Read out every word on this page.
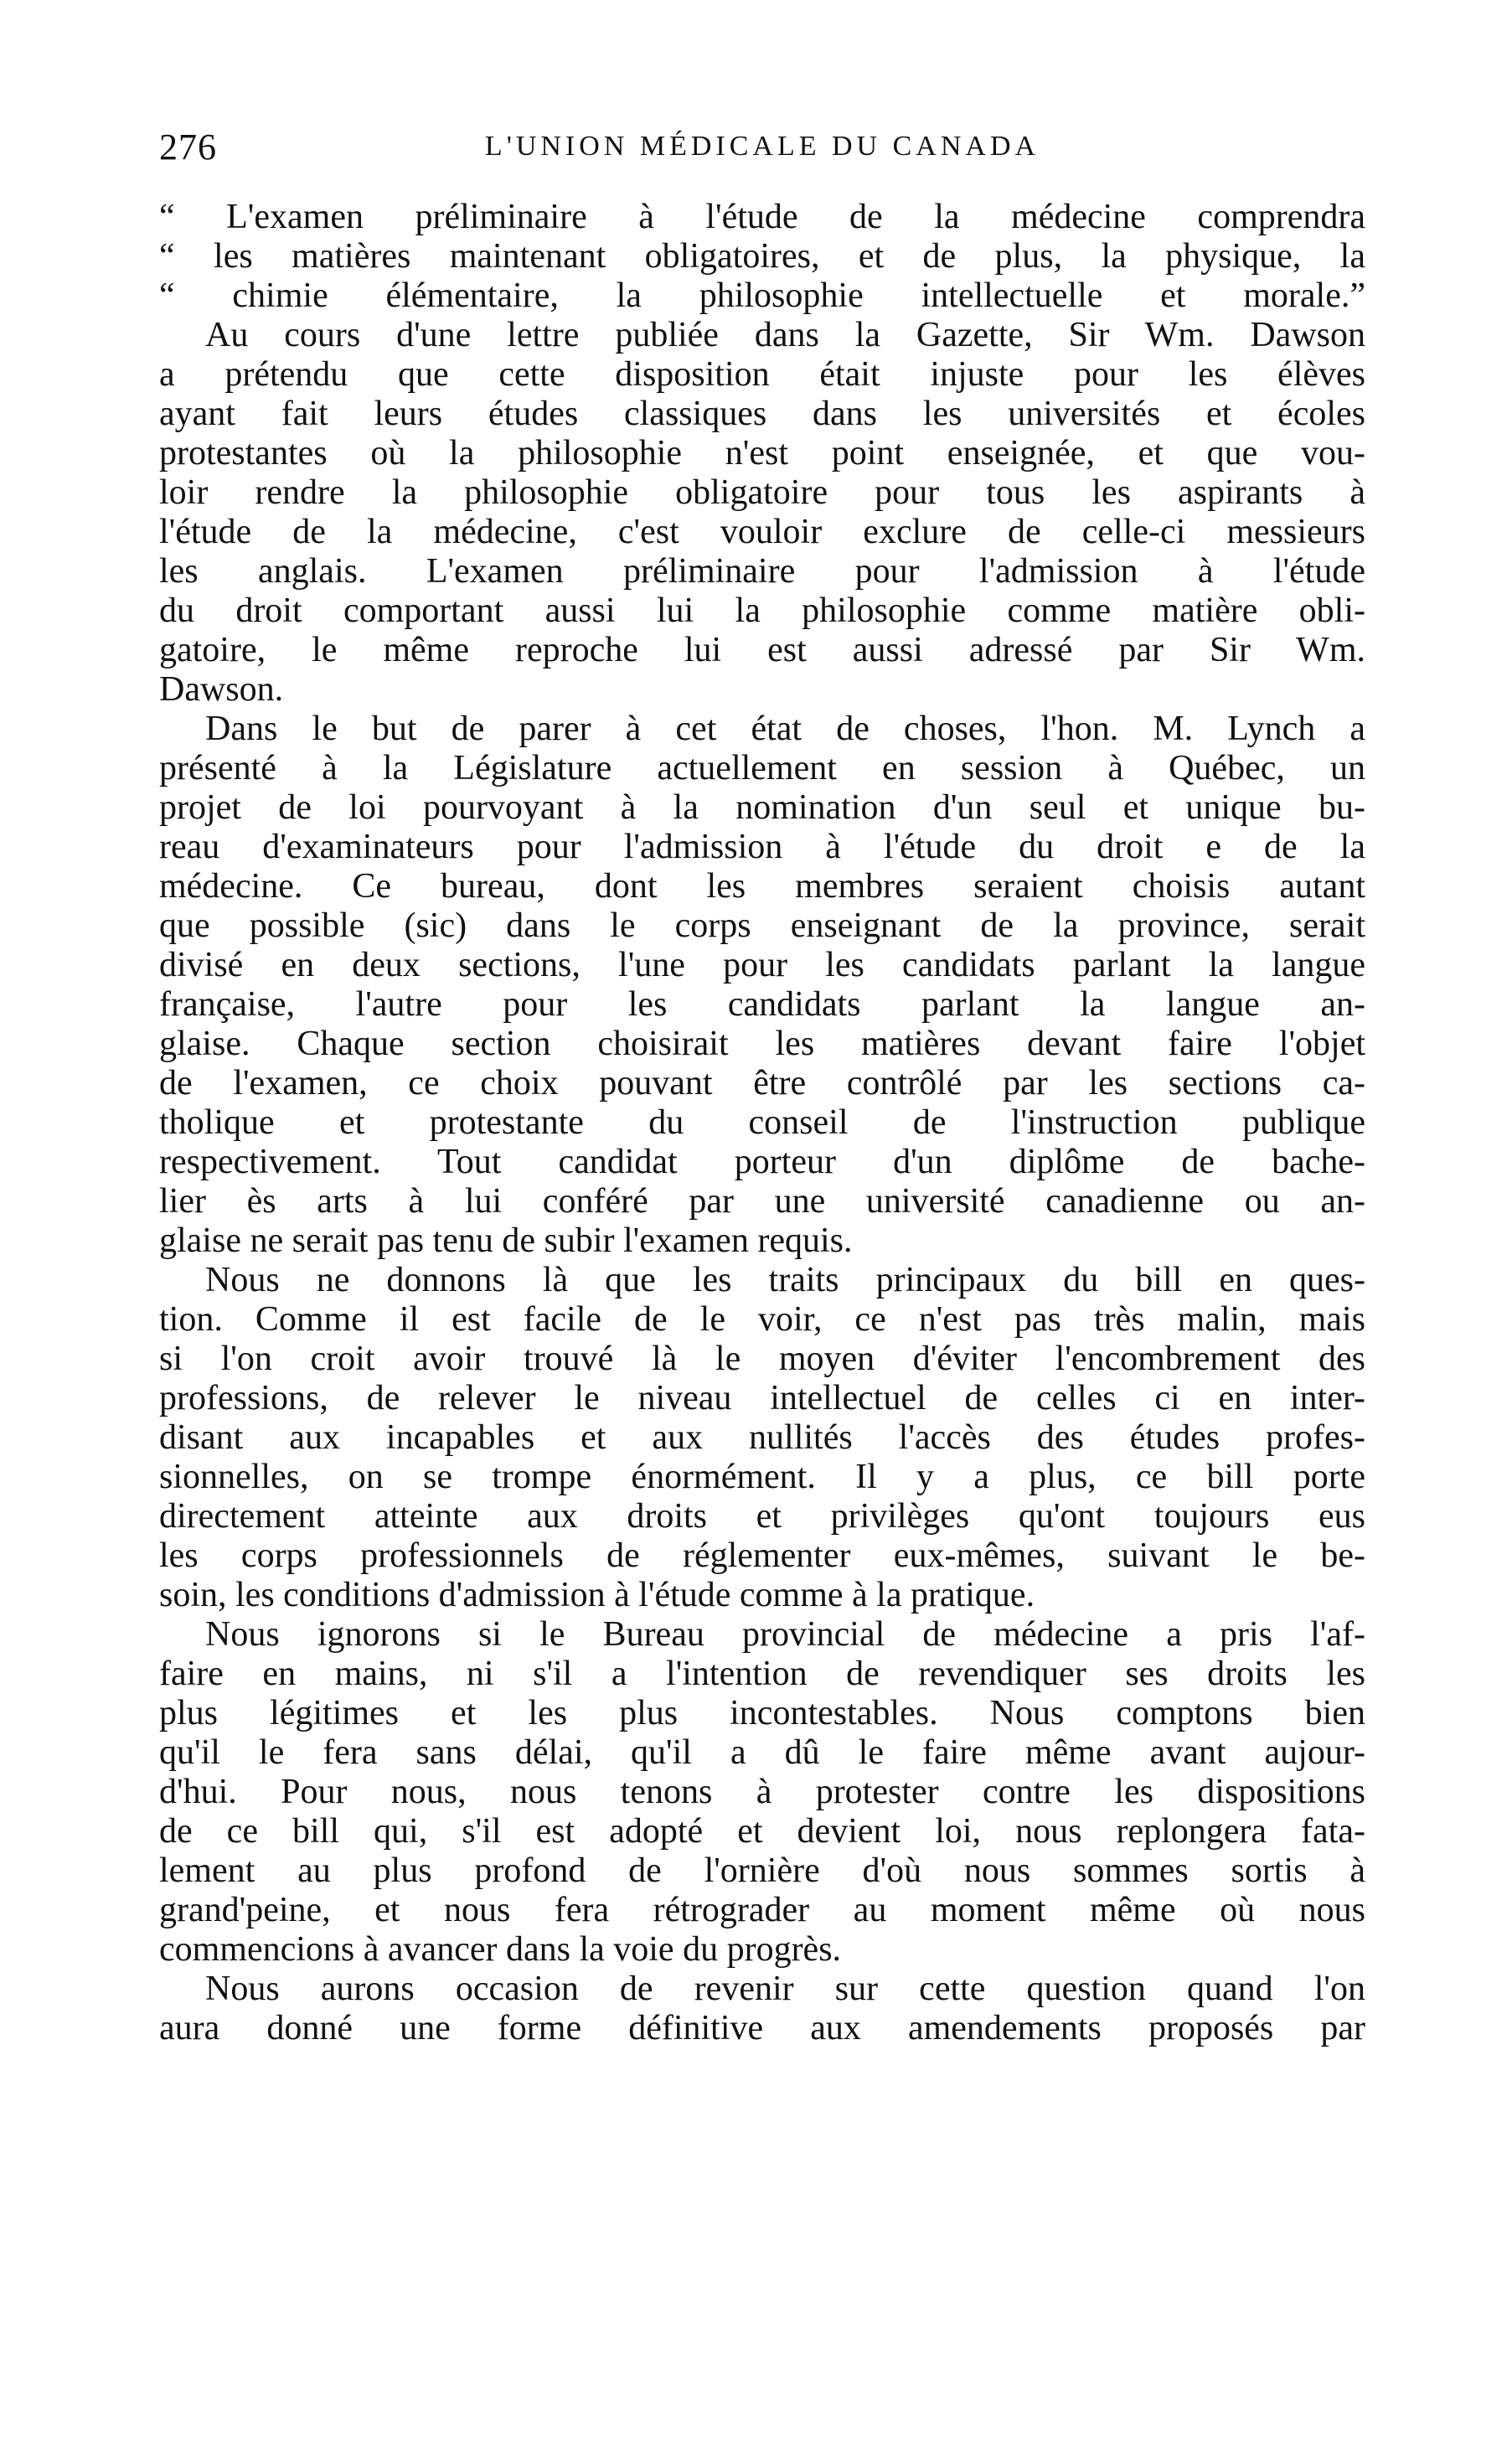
276	L'UNION MÉDICALE DU CANADA
“ L'examen préliminaire à l'étude de la médecine comprendra
“ les matières maintenant obligatoires, et de plus, la physique, la
“ chimie élémentaire, la philosophie intellectuelle et morale.”
Au cours d'une lettre publiée dans la Gazette, Sir Wm. Dawson
a prétendu que cette disposition était injuste pour les élèves
ayant fait leurs études classiques dans les universités et écoles
protestantes où la philosophie n'est point enseignée, et que vou-
loir rendre la philosophie obligatoire pour tous les aspirants à
l'étude de la médecine, c'est vouloir exclure de celle-ci messieurs
les anglais. L'examen préliminaire pour l'admission à l'étude
du droit comportant aussi lui la philosophie comme matière obli-
gatoire, le même reproche lui est aussi adressé par Sir Wm.
Dawson.
Dans le but de parer à cet état de choses, l'hon. M. Lynch a
présenté à la Législature actuellement en session à Québec, un
projet de loi pourvoyant à la nomination d'un seul et unique bu-
reau d'examinateurs pour l'admission à l'étude du droit e de la
médecine. Ce bureau, dont les membres seraient choisis autant
que possible (sic) dans le corps enseignant de la province, serait
divisé en deux sections, l'une pour les candidats parlant la langue
française, l'autre pour les candidats parlant la langue an-
glaise. Chaque section choisirait les matières devant faire l'objet
de l'examen, ce choix pouvant être contrôlé par les sections ca-
tholique et protestante du conseil de l'instruction publique
respectivement. Tout candidat porteur d'un diplôme de bache-
lier ès arts à lui conféré par une université canadienne ou an-
glaise ne serait pas tenu de subir l'examen requis.
Nous ne donnons là que les traits principaux du bill en ques-
tion. Comme il est facile de le voir, ce n'est pas très malin, mais
si l'on croit avoir trouvé là le moyen d'éviter l'encombrement des
professions, de relever le niveau intellectuel de celles ci en inter-
disant aux incapables et aux nullités l'accès des études profes-
sionnelles, on se trompe énormément. Il y a plus, ce bill porte
directement atteinte aux droits et privilèges qu'ont toujours eus
les corps professionnels de réglementer eux-mêmes, suivant le be-
soin, les conditions d'admission à l'étude comme à la pratique.
Nous ignorons si le Bureau provincial de médecine a pris l'af-
faire en mains, ni s'il a l'intention de revendiquer ses droits les
plus légitimes et les plus incontestables. Nous comptons bien
qu'il le fera sans délai, qu'il a dû le faire même avant aujour-
d'hui. Pour nous, nous tenons à protester contre les dispositions
de ce bill qui, s'il est adopté et devient loi, nous replongera fata-
lement au plus profond de l'ornière d'où nous sommes sortis à
grand'peine, et nous fera rétrograder au moment même où nous
commencions à avancer dans la voie du progrès.
Nous aurons occasion de revenir sur cette question quand l'on
aura donné une forme définitive aux amendements proposés par
